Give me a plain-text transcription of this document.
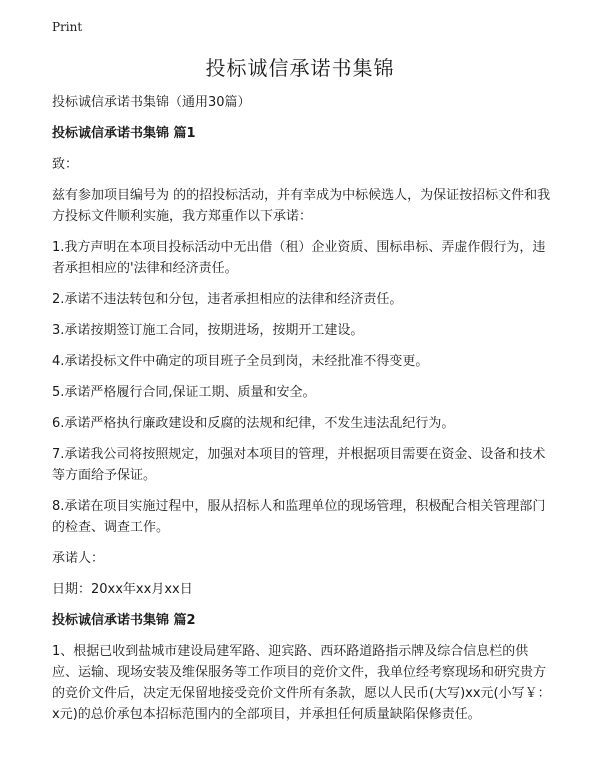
Print
投标诚信承诺书集锦

投标诚信承诺书集锦（通用30篇）

投标诚信承诺书集锦 篇1

致：

兹有参加项目编号为 的的招投标活动，并有幸成为中标候选人，为保证按招标文件和我方投标文件顺利实施，我方郑重作以下承诺：

1.我方声明在本项目投标活动中无出借（租）企业资质、围标串标、弄虚作假行为，违者承担相应的'法律和经济责任。

2.承诺不违法转包和分包，违者承担相应的法律和经济责任。

3.承诺按期签订施工合同，按期进场，按期开工建设。

4.承诺投标文件中确定的项目班子全员到岗，未经批准不得变更。

5.承诺严格履行合同,保证工期、质量和安全。

6.承诺严格执行廉政建设和反腐的法规和纪律，不发生违法乱纪行为。

7.承诺我公司将按照规定，加强对本项目的管理，并根据项目需要在资金、设备和技术等方面给予保证。

8.承诺在项目实施过程中，服从招标人和监理单位的现场管理，积极配合相关管理部门的检查、调查工作。

承诺人：

日期：20xx年xx月xx日

投标诚信承诺书集锦 篇2

1、根据已收到盐城市建设局建军路、迎宾路、西环路道路指示牌及综合信息栏的供应、运输、现场安装及维保服务等工作项目的竞价文件，我单位经考察现场和研究贵方的竞价文件后，决定无保留地接受竞价文件所有条款，愿以人民币(大写)xx元(小写￥：x元)的总价承包本招标范围内的全部项目，并承担任何质量缺陷保修责任。
